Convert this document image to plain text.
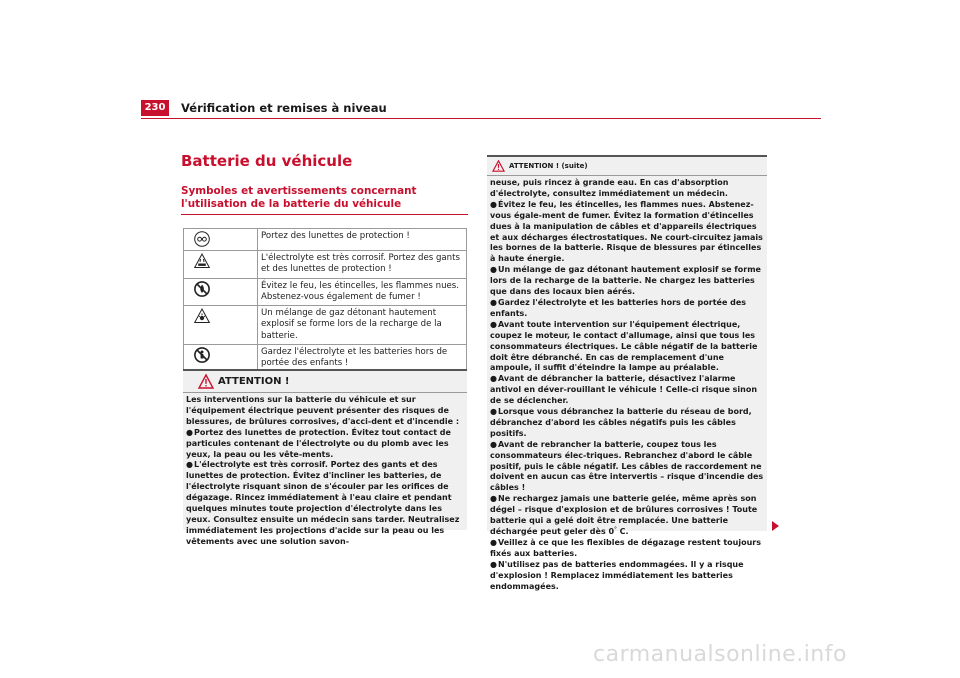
230	Vérification et remises à niveau
Batterie du véhicule
Symboles et avertissements concernant l'utilisation de la batterie du véhicule
	Portez des lunettes de protection !

	L'électrolyte est très corrosif. Portez des gants et des lunettes de protection !

	Évitez le feu, les étincelles, les flammes nues. Abstenez-vous également de fumer !

	Un mélange de gaz détonant hautement explosif se forme lors de la recharge de la batterie.

	Gardez l'électrolyte et les batteries hors de portée des enfants !
ATTENTION !

Les interventions sur la batterie du véhicule et sur l'équipement électrique peuvent présenter des risques de blessures, de brûlures corrosives, d'acci-dent et d'incendie :

●Portez des lunettes de protection. Évitez tout contact de particules contenant de l'électrolyte ou du plomb avec les yeux, la peau ou les vête-ments.

●L'électrolyte est très corrosif. Portez des gants et des lunettes de protection. Évitez d'incliner les batteries, de l'électrolyte risquant sinon de s'écouler par les orifices de dégazage. Rincez immédiatement à l'eau claire et pendant quelques minutes toute projection d'électrolyte dans les yeux. Consultez ensuite un médecin sans tarder. Neutralisez immédiatement les projections d'acide sur la peau ou les vêtements avec une solution savon-

ATTENTION ! (suite)

neuse, puis rincez à grande eau. En cas d'absorption d'électrolyte, consultez immédiatement un médecin.

●Évitez le feu, les étincelles, les flammes nues. Abstenez-vous égale-ment de fumer. Évitez la formation d'étincelles dues à la manipulation de câbles et d'appareils électriques et aux décharges électrostatiques. Ne court-circuitez jamais les bornes de la batterie. Risque de blessures par étincelles à haute énergie.

●Un mélange de gaz détonant hautement explosif se forme lors de la recharge de la batterie. Ne chargez les batteries que dans des locaux bien aérés.

●Gardez l'électrolyte et les batteries hors de portée des enfants.

●Avant toute intervention sur l'équipement électrique, coupez le moteur, le contact d'allumage, ainsi que tous les consommateurs électriques. Le câble négatif de la batterie doit être débranché. En cas de remplacement d'une ampoule, il suffit d'éteindre la lampe au préalable.

●Avant de débrancher la batterie, désactivez l'alarme antivol en déver-rouillant le véhicule ! Celle-ci risque sinon de se déclencher.

●Lorsque vous débranchez la batterie du réseau de bord, débranchez d'abord les câbles négatifs puis les câbles positifs.

●Avant de rebrancher la batterie, coupez tous les consommateurs élec-triques. Rebranchez d'abord le câble positif, puis le câble négatif. Les câbles de raccordement ne doivent en aucun cas être intervertis – risque d'incendie des câbles !

●Ne rechargez jamais une batterie gelée, même après son dégel – risque d'explosion et de brûlures corrosives ! Toute batterie qui a gelé doit être remplacée. Une batterie déchargée peut geler dès 0° C.

●Veillez à ce que les flexibles de dégazage restent toujours fixés aux batteries.

●N'utilisez pas de batteries endommagées. Il y a risque d'explosion ! Remplacez immédiatement les batteries endommagées.

carmanualsonline.info
